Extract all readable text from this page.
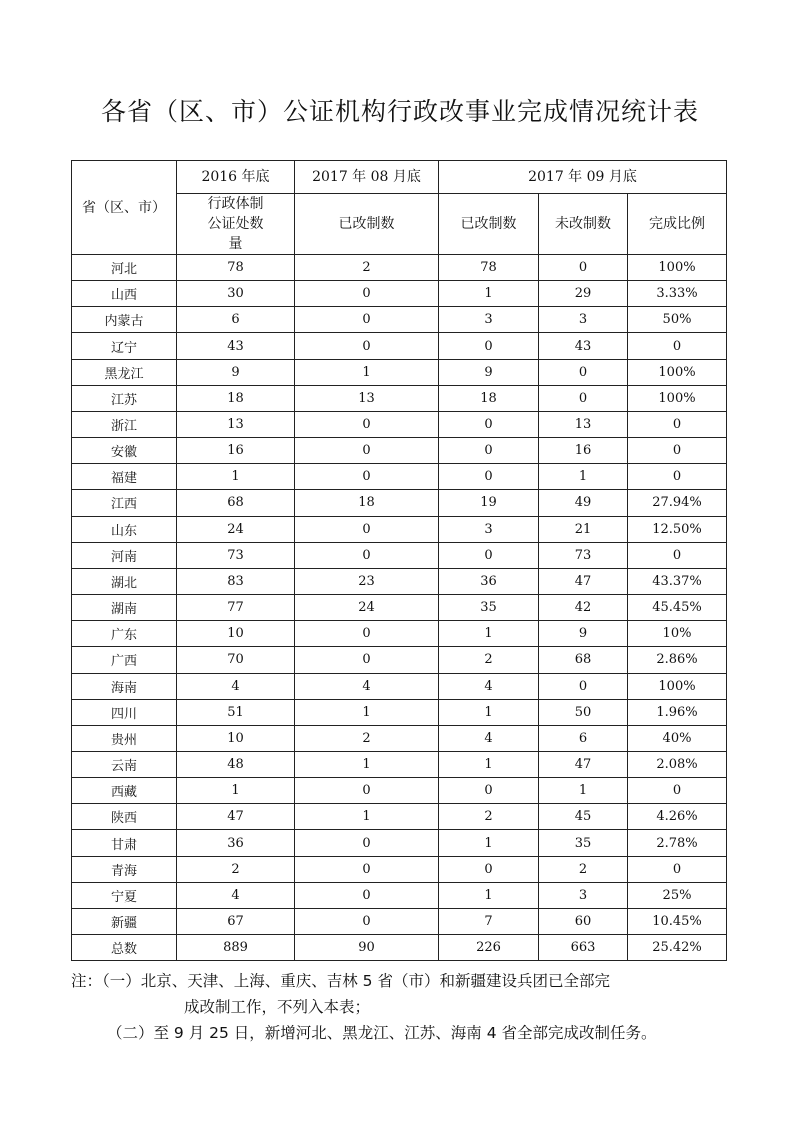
各省（区、市）公证机构行政改事业完成情况统计表
省（区、市）	2016 年底	2017 年 08 月底	2017 年 09 月底		

	行政体制公证处数量	已改制数	已改制数	未改制数	完成比例
河北	78	2	78	0	100%
山西	30	0	1	29	3.33%
内蒙古	6	0	3	3	50%
辽宁	43	0	0	43	0
黑龙江	9	1	9	0	100%
江苏	18	13	18	0	100%
浙江	13	0	0	13	0
安徽	16	0	0	16	0
福建	1	0	0	1	0
江西	68	18	19	49	27.94%
山东	24	0	3	21	12.50%
河南	73	0	0	73	0
湖北	83	23	36	47	43.37%
湖南	77	24	35	42	45.45%
广东	10	0	1	9	10%
广西	70	0	2	68	2.86%
海南	4	4	4	0	100%
四川	51	1	1	50	1.96%
贵州	10	2	4	6	40%
云南	48	1	1	47	2.08%
西藏	1	0	0	1	0
陕西	47	1	2	45	4.26%
甘肃	36	0	1	35	2.78%
青海	2	0	0	2	0
宁夏	4	0	1	3	25%
新疆	67	0	7	60	10.45%
总数	889	90	226	663	25.42%
注：（一）北京、天津、上海、重庆、吉林 5 省（市）和新疆建设兵团已全部完
成改制工作，不列入本表；
（二）至 9 月 25 日，新增河北、黑龙江、江苏、海南 4 省全部完成改制任务。
